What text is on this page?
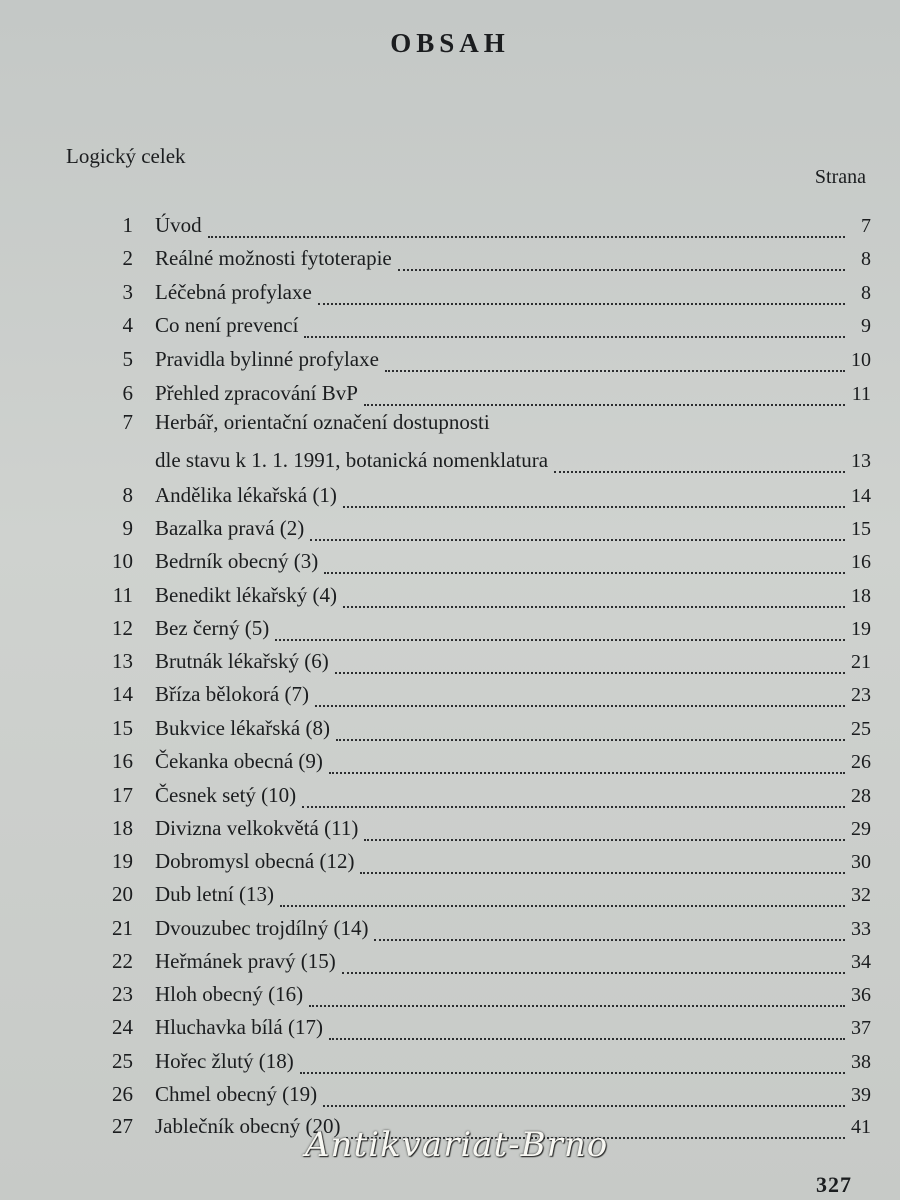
OBSAH
Logický celek
Strana
1 Úvod	7
2 Reálné možnosti fytoterapie	8
3 Léčebná profylaxe	8
4 Co není prevencí	9
5 Pravidla bylinné profylaxe	10
6 Přehled zpracování BvP	11
7 Herbář, orientační označení dostupnosti
dle stavu k 1. 1. 1991, botanická nomenklatura	13
8 Andělika lékařská (1)	14
9 Bazalka pravá (2)	15
10 Bedrník obecný (3)	16
11 Benedikt lékařský (4)	18
12 Bez černý (5)	19
13 Brutnák lékařský (6)	21
14 Bříza bělokorá (7)	23
15 Bukvice lékařská (8)	25
16 Čekanka obecná (9)	26
17 Česnek setý (10)	28
18 Divizna velkokvětá (11)	29
19 Dobromysl obecná (12)	30
20 Dub letní (13)	32
21 Dvouzubec trojdílný (14)	33
22 Heřmánek pravý (15)	34
23 Hloh obecný (16)	36
24 Hluchavka bílá (17)	37
25 Hořec žlutý (18)	38
26 Chmel obecný (19)	39
27 Jablečník obecný (20)	41
327
Antikvariat-Brno
